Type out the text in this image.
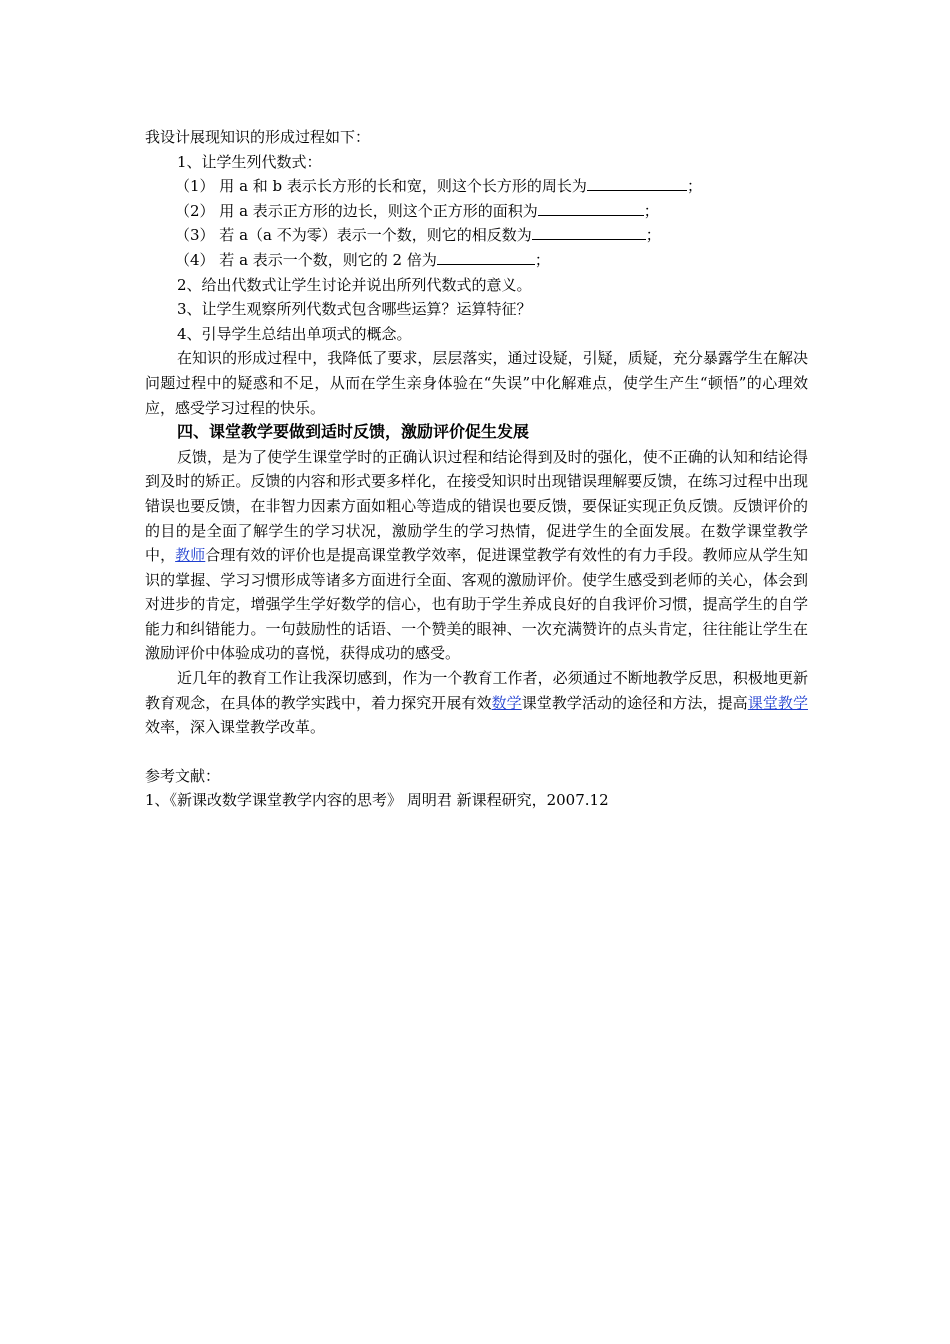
我设计展现知识的形成过程如下：
1、让学生列代数式：
（1） 用 a 和 b 表示长方形的长和宽，则这个长方形的周长为	；
（2） 用 a 表示正方形的边长，则这个正方形的面积为	；
（3） 若 a（a 不为零）表示一个数，则它的相反数为	；
（4） 若 a 表示一个数，则它的 2 倍为	；
2、给出代数式让学生讨论并说出所列代数式的意义。
3、让学生观察所列代数式包含哪些运算？运算特征？
4、引导学生总结出单项式的概念。

在知识的形成过程中，我降低了要求，层层落实，通过设疑，引疑，质疑，充分暴露学生在解决问题过程中的疑惑和不足，从而在学生亲身体验在“失误”中化解难点，使学生产生“顿悟”的心理效应，感受学习过程的快乐。

四、课堂教学要做到适时反馈，激励评价促生发展

反馈，是为了使学生课堂学时的正确认识过程和结论得到及时的强化，使不正确的认知和结论得到及时的矫正。反馈的内容和形式要多样化，在接受知识时出现错误理解要反馈，在练习过程中出现错误也要反馈，在非智力因素方面如粗心等造成的错误也要反馈，要保证实现正负反馈。反馈评价的的目的是全面了解学生的学习状况，激励学生的学习热情，促进学生的全面发展。在数学课堂教学中，教师合理有效的评价也是提高课堂教学效率，促进课堂教学有效性的有力手段。教师应从学生知识的掌握、学习习惯形成等诸多方面进行全面、客观的激励评价。使学生感受到老师的关心，体会到对进步的肯定，增强学生学好数学的信心，也有助于学生养成良好的自我评价习惯，提高学生的自学能力和纠错能力。一句鼓励性的话语、一个赞美的眼神、一次充满赞许的点头肯定，往往能让学生在激励评价中体验成功的喜悦，获得成功的感受。

近几年的教育工作让我深切感到，作为一个教育工作者，必须通过不断地教学反思，积极地更新教育观念，在具体的教学实践中，着力探究开展有效数学课堂教学活动的途径和方法，提高课堂教学效率，深入课堂教学改革。

参考文献：
1、《新课改数学课堂教学内容的思考》 周明君 新课程研究，2007.12
